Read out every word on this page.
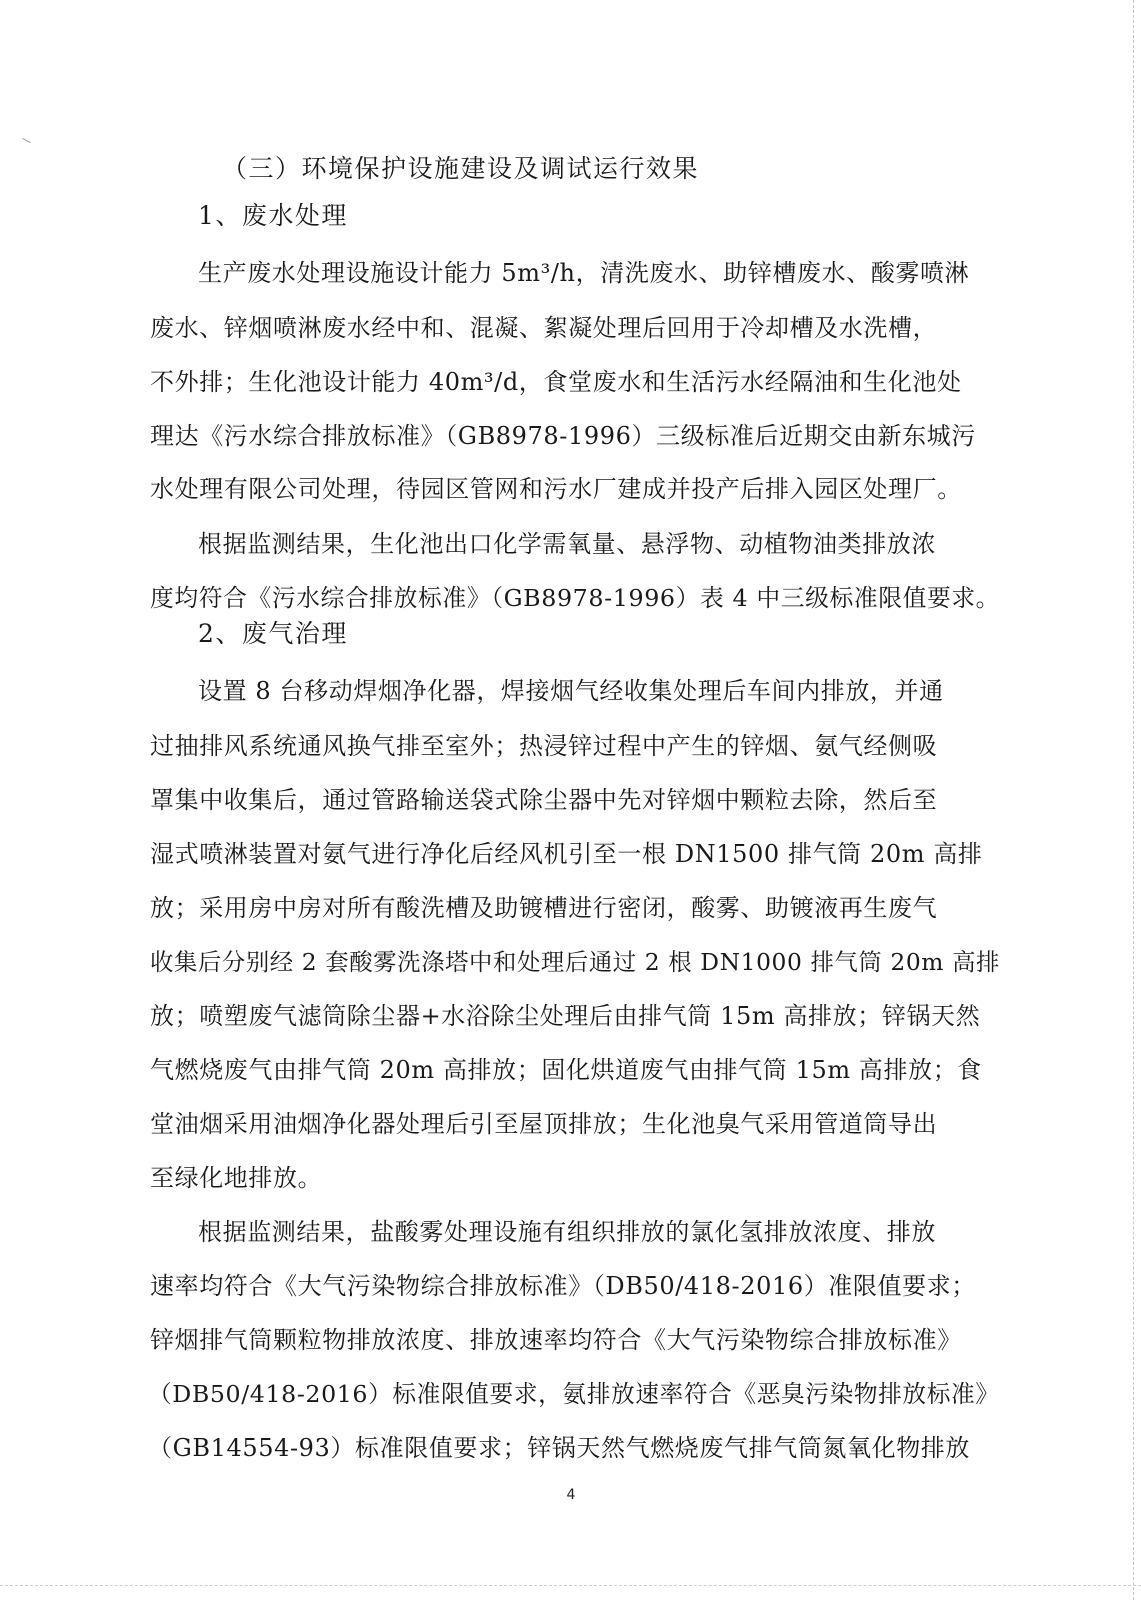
（三）环境保护设施建设及调试运行效果
1、废水处理
生产废水处理设施设计能力 5m³/h，清洗废水、助锌槽废水、酸雾喷淋
废水、锌烟喷淋废水经中和、混凝、絮凝处理后回用于冷却槽及水洗槽，
不外排；生化池设计能力 40m³/d，食堂废水和生活污水经隔油和生化池处
理达《污水综合排放标准》（GB8978-1996）三级标准后近期交由新东城污
水处理有限公司处理，待园区管网和污水厂建成并投产后排入园区处理厂。
根据监测结果，生化池出口化学需氧量、悬浮物、动植物油类排放浓
度均符合《污水综合排放标准》（GB8978-1996）表 4 中三级标准限值要求。
2、废气治理
设置 8 台移动焊烟净化器，焊接烟气经收集处理后车间内排放，并通
过抽排风系统通风换气排至室外；热浸锌过程中产生的锌烟、氨气经侧吸
罩集中收集后，通过管路输送袋式除尘器中先对锌烟中颗粒去除，然后至
湿式喷淋装置对氨气进行净化后经风机引至一根 DN1500 排气筒 20m 高排
放；采用房中房对所有酸洗槽及助镀槽进行密闭，酸雾、助镀液再生废气
收集后分别经 2 套酸雾洗涤塔中和处理后通过 2 根 DN1000 排气筒 20m 高排
放；喷塑废气滤筒除尘器+水浴除尘处理后由排气筒 15m 高排放；锌锅天然
气燃烧废气由排气筒 20m 高排放；固化烘道废气由排气筒 15m 高排放；食
堂油烟采用油烟净化器处理后引至屋顶排放；生化池臭气采用管道筒导出
至绿化地排放。
根据监测结果，盐酸雾处理设施有组织排放的氯化氢排放浓度、排放
速率均符合《大气污染物综合排放标准》（DB50/418-2016）准限值要求；
锌烟排气筒颗粒物排放浓度、排放速率均符合《大气污染物综合排放标准》
（DB50/418-2016）标准限值要求，氨排放速率符合《恶臭污染物排放标准》
（GB14554-93）标准限值要求；锌锅天然气燃烧废气排气筒氮氧化物排放
4
